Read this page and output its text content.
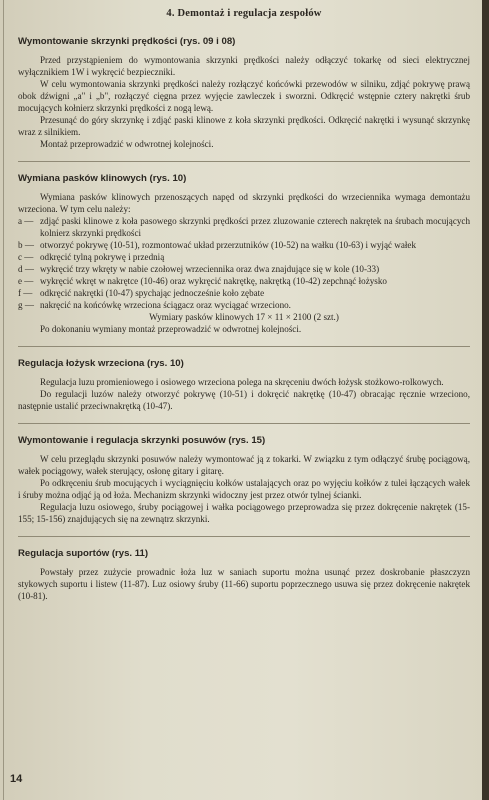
4. Demontaż i regulacja zespołów
Wymontowanie skrzynki prędkości (rys. 09 i 08)

Przed przystąpieniem do wymontowania skrzynki prędkości należy odłączyć tokarkę od sieci elektrycznej wyłącznikiem 1W i wykręcić bezpieczniki.

W celu wymontowania skrzynki prędkości należy rozłączyć końcówki przewodów w silniku, zdjąć pokrywę prawą obok dźwigni „a" i „b", rozłączyć cięgna przez wyjęcie zawleczek i sworzni. Odkręcić wstępnie cztery nakrętki śrub mocujących kołnierz skrzynki prędkości z nogą lewą.

Przesunąć do góry skrzynkę i zdjąć paski klinowe z koła skrzynki prędkości. Odkręcić nakrętki i wysunąć skrzynkę wraz z silnikiem.

Montaż przeprowadzić w odwrotnej kolejności.

Wymiana pasków klinowych (rys. 10)

Wymiana pasków klinowych przenoszących napęd od skrzynki prędkości do wrzeciennika wymaga demontażu wrzeciona. W tym celu należy:

a — zdjąć paski klinowe z koła pasowego skrzynki prędkości przez zluzowanie czterech nakrętek na śrubach mocujących kolnierz skrzynki prędkości
b — otworzyć pokrywę (10-51), rozmontować układ przerzutników (10-52) na wałku (10-63) i wyjąć wałek
c — odkręcić tylną pokrywę i przednią
d — wykręcić trzy wkręty w nabie czołowej wrzeciennika oraz dwa znajdujące się w kole (10-33)
e — wykręcić wkręt w nakrętce (10-46) oraz wykręcić nakrętkę, nakrętką (10-42) zepchnąć łożysko
f — odkręcić nakrętki (10-47) spychając jednocześnie koło zębate
g — nakręcić na końcówkę wrzeciona ściągacz oraz wyciągać wrzeciono.

Wymiary pasków klinowych 17 × 11 × 2100 (2 szt.)

Po dokonaniu wymiany montaż przeprowadzić w odwrotnej kolejności.

Regulacja łożysk wrzeciona (rys. 10)

Regulacja luzu promieniowego i osiowego wrzeciona polega na skręceniu dwóch łożysk stożkowo-rolkowych.

Do regulacji luzów należy otworzyć pokrywę (10-51) i dokręcić nakrętkę (10-47) obracając ręcznie wrzeciono, następnie ustalić przeciwnakrętką (10-47).

Wymontowanie i regulacja skrzynki posuwów (rys. 15)

W celu przeglądu skrzynki posuwów należy wymontować ją z tokarki. W związku z tym odłączyć śrubę pociągową, wałek pociągowy, wałek sterujący, osłonę gitary i gitarę.

Po odkręceniu śrub mocujących i wyciągnięciu kołków ustalających oraz po wyjęciu kołków z tulei łączących wałek i śruby można odjąć ją od łoża. Mechanizm skrzynki widoczny jest przez otwór tylnej ścianki.

Regulacja luzu osiowego, śruby pociągowej i wałka pociągowego przeprowadza się przez dokręcenie nakrętek (15-155; 15-156) znajdujących się na zewnątrz skrzynki.

Regulacja suportów (rys. 11)

Powstały przez zużycie prowadnic łoża luz w saniach suportu można usunąć przez doskrobanie płaszczyzn stykowych suportu i listew (11-87). Luz osiowy śruby (11-66) suportu poprzecznego usuwa się przez dokręcenie nakrętek (10-81).

14
